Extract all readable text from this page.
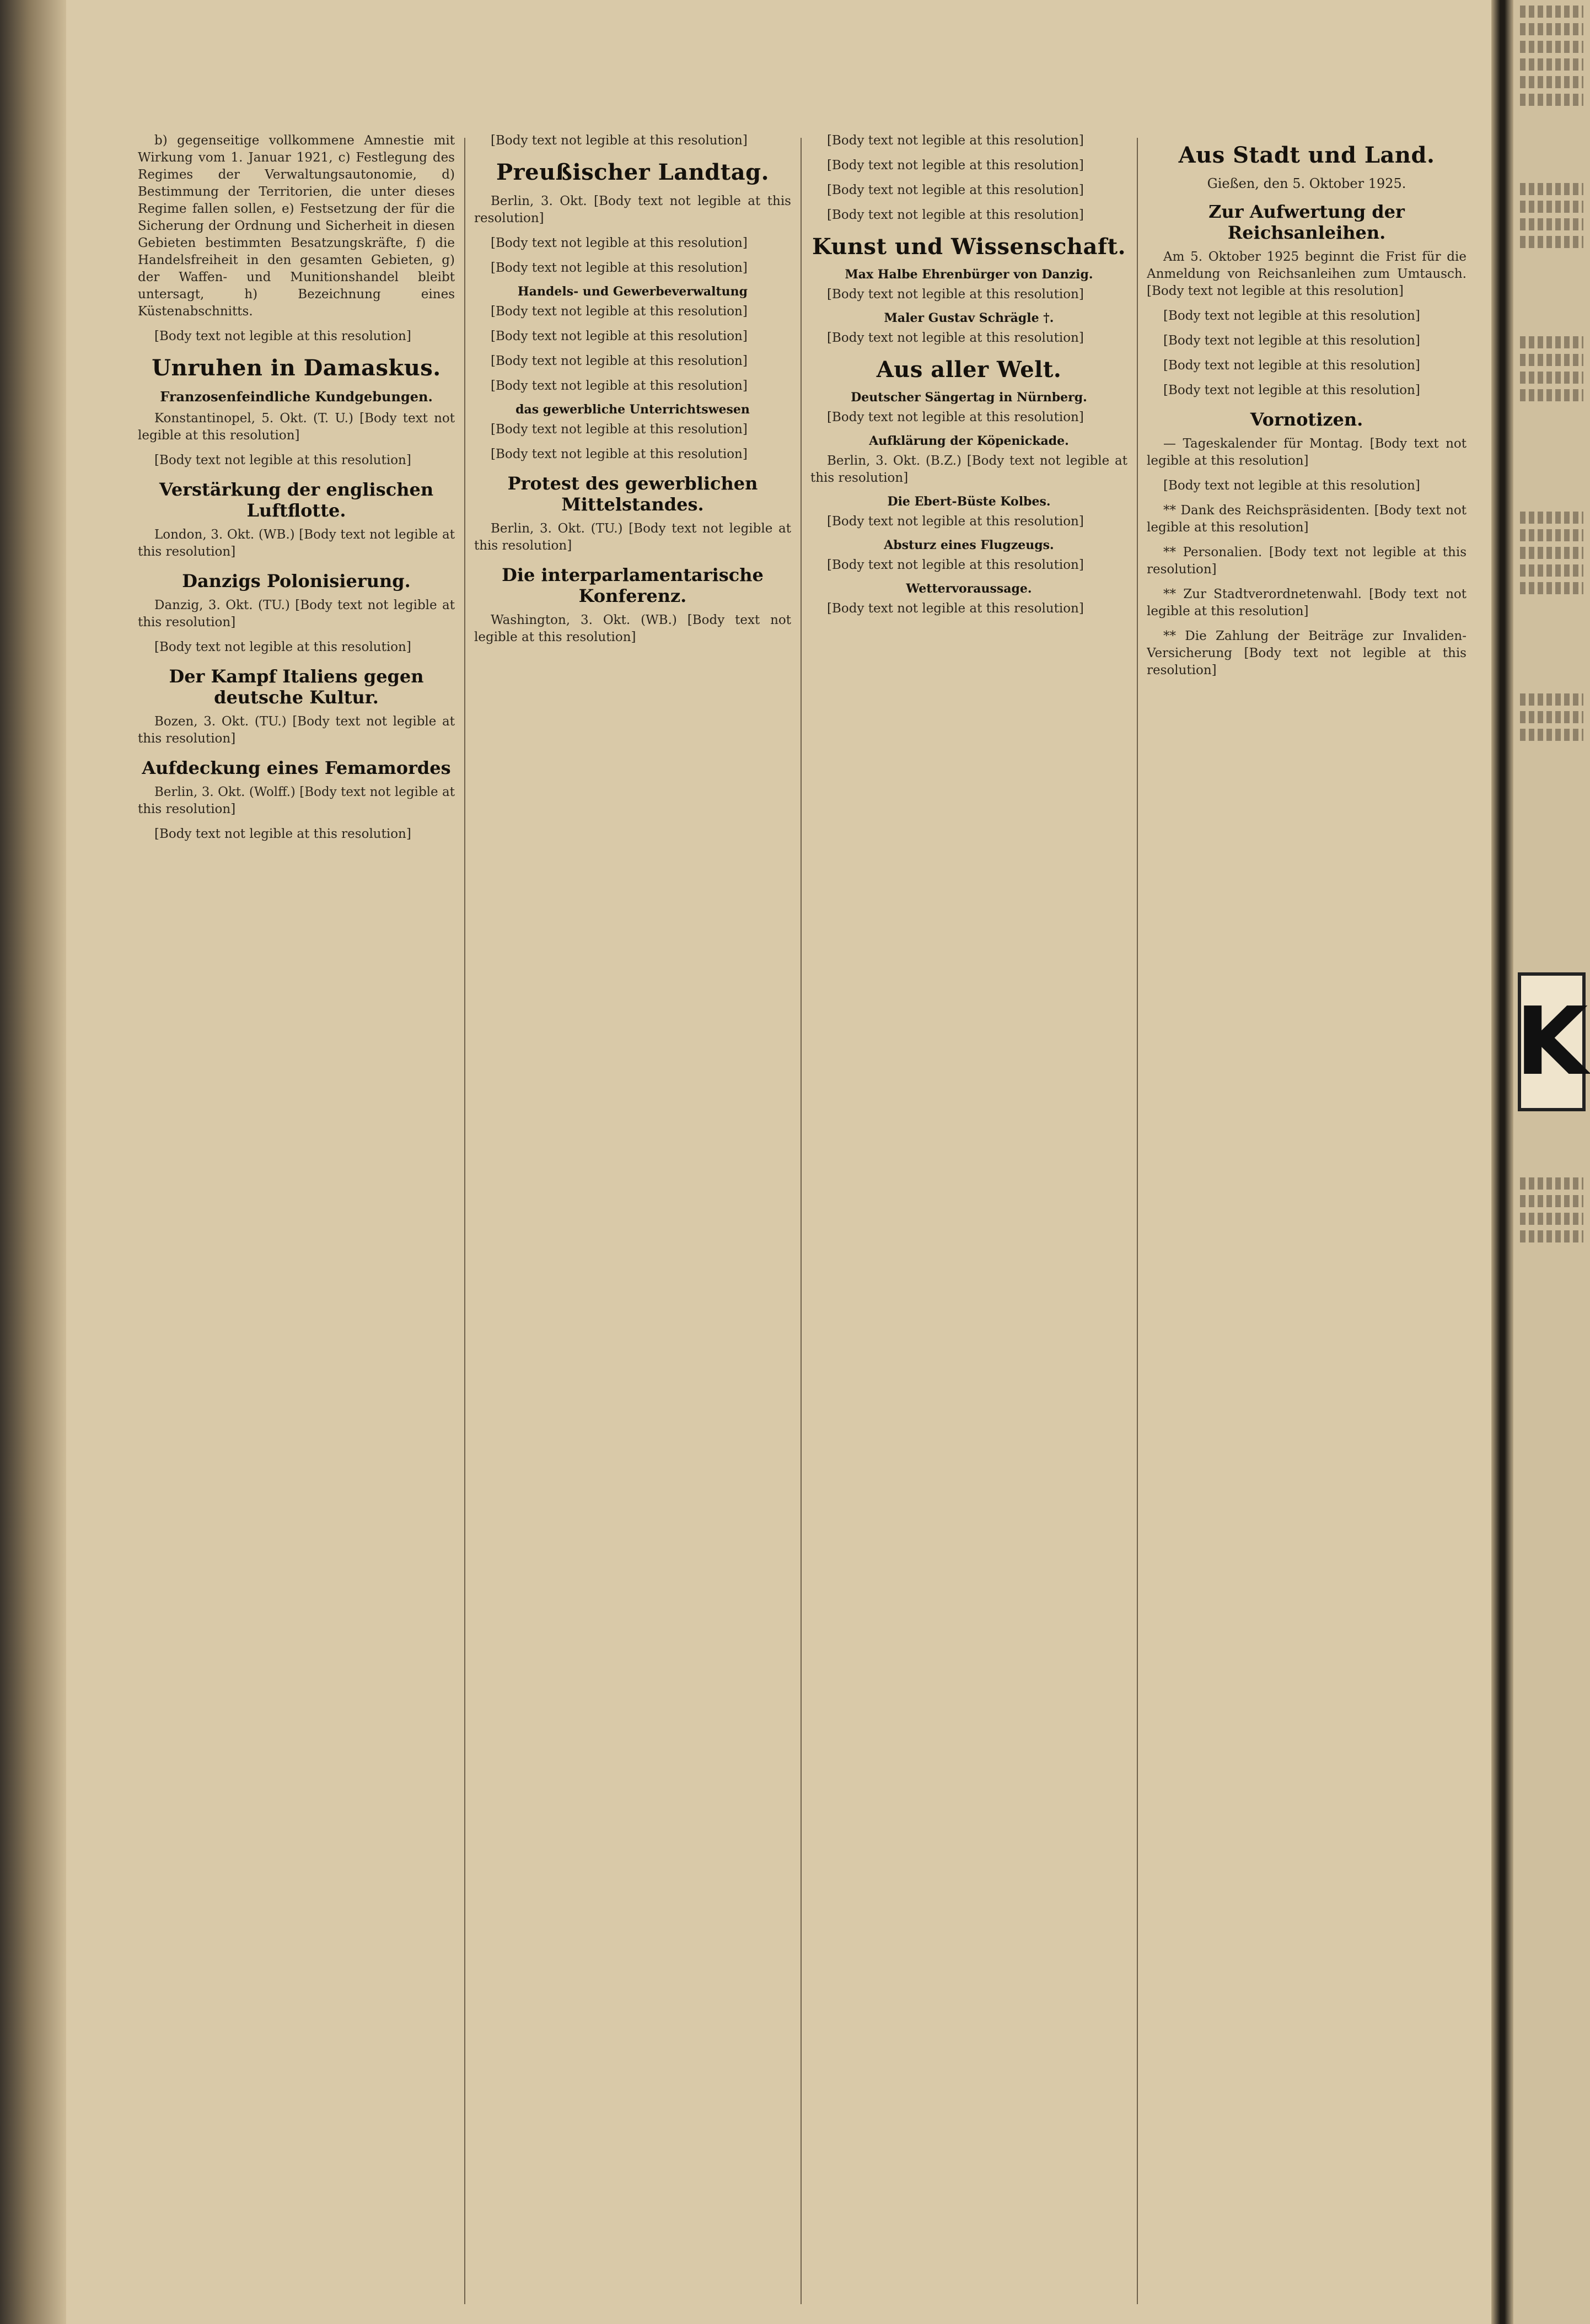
b) gegenseitige vollkommene Amnestie mit Wirkung vom 1. Januar 1921, c) Festlegung des Regimes der Verwaltungsautonomie, d) Bestimmung der Territorien, die unter dieses Regime fallen sollen, e) Festsetzung der für die Sicherung der Ordnung und Sicherheit in diesen Gebieten bestimmten Besatzungskräfte, f) die Handelsfreiheit in den gesamten Gebieten, g) der Waffen- und Munitionshandel bleibt untersagt, h) Bezeichnung eines Küstenabschnitts.

[Body text not legible at this resolution]

Unruhen in Damaskus.
Franzosenfeindliche Kundgebungen.

Konstantinopel, 5. Okt. (T. U.) [Body text not legible at this resolution]

[Body text not legible at this resolution]

Verstärkung der englischen Luftflotte.

London, 3. Okt. (WB.) [Body text not legible at this resolution]

Danzigs Polonisierung.

Danzig, 3. Okt. (TU.) [Body text not legible at this resolution]

[Body text not legible at this resolution]

Der Kampf Italiens gegen deutsche Kultur.

Bozen, 3. Okt. (TU.) [Body text not legible at this resolution]

Aufdeckung eines Femamordes

Berlin, 3. Okt. (Wolff.) [Body text not legible at this resolution]

[Body text not legible at this resolution]

[Body text not legible at this resolution]

Preußischer Landtag.

Berlin, 3. Okt. [Body text not legible at this resolution]

[Body text not legible at this resolution]

[Body text not legible at this resolution]

Handels- und Gewerbeverwaltung

[Body text not legible at this resolution]

[Body text not legible at this resolution]

[Body text not legible at this resolution]

[Body text not legible at this resolution]

das gewerbliche Unterrichtswesen

[Body text not legible at this resolution]

[Body text not legible at this resolution]

Protest des gewerblichen Mittelstandes.

Berlin, 3. Okt. (TU.) [Body text not legible at this resolution]

Die interparlamentarische Konferenz.

Washington, 3. Okt. (WB.) [Body text not legible at this resolution]

[Body text not legible at this resolution]

[Body text not legible at this resolution]

[Body text not legible at this resolution]

[Body text not legible at this resolution]

Kunst und Wissenschaft.
Max Halbe Ehrenbürger von Danzig.

[Body text not legible at this resolution]

Maler Gustav Schrägle †.

[Body text not legible at this resolution]

Aus aller Welt.
Deutscher Sängertag in Nürnberg.

[Body text not legible at this resolution]

Aufklärung der Köpenickade.

Berlin, 3. Okt. (B.Z.) [Body text not legible at this resolution]

Die Ebert-Büste Kolbes.

[Body text not legible at this resolution]

Absturz eines Flugzeugs.

[Body text not legible at this resolution]

Wettervoraussage.

[Body text not legible at this resolution]

Aus Stadt und Land.
Gießen, den 5. Oktober 1925.
Zur Aufwertung der Reichsanleihen.

Am 5. Oktober 1925 beginnt die Frist für die Anmeldung von Reichsanleihen zum Umtausch. [Body text not legible at this resolution]

[Body text not legible at this resolution]

[Body text not legible at this resolution]

[Body text not legible at this resolution]

[Body text not legible at this resolution]

Vornotizen.

— Tageskalender für Montag. [Body text not legible at this resolution]

[Body text not legible at this resolution]

** Dank des Reichspräsidenten. [Body text not legible at this resolution]

** Personalien. [Body text not legible at this resolution]

** Zur Stadtverordnetenwahl. [Body text not legible at this resolution]

** Die Zahlung der Beiträge zur Invaliden-Versicherung [Body text not legible at this resolution]

K
